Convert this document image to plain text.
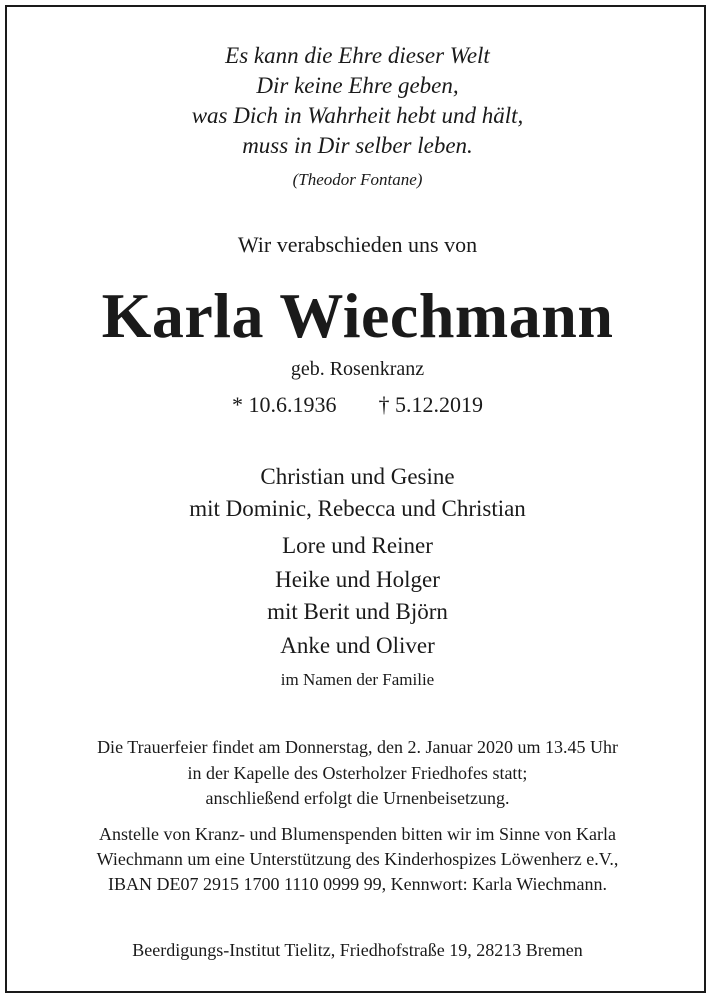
Es kann die Ehre dieser Welt

Dir keine Ehre geben,

was Dich in Wahrheit hebt und hält,

muss in Dir selber leben.

(Theodor Fontane)

Wir verabschieden uns von

Karla Wiechmann

geb. Rosenkranz

* 10.6.1936 † 5.12.2019

Christian und Gesine

mit Dominic, Rebecca und Christian

Lore und Reiner

Heike und Holger

mit Berit und Björn

Anke und Oliver

im Namen der Familie

Die Trauerfeier findet am Donnerstag, den 2. Januar 2020 um 13.45 Uhr

in der Kapelle des Osterholzer Friedhofes statt;

anschließend erfolgt die Urnenbeisetzung.

Anstelle von Kranz- und Blumenspenden bitten wir im Sinne von Karla

Wiechmann um eine Unterstützung des Kinderhospizes Löwenherz e.V.,

IBAN DE07 2915 1700 1110 0999 99, Kennwort: Karla Wiechmann.

Beerdigungs-Institut Tielitz, Friedhofstraße 19, 28213 Bremen
